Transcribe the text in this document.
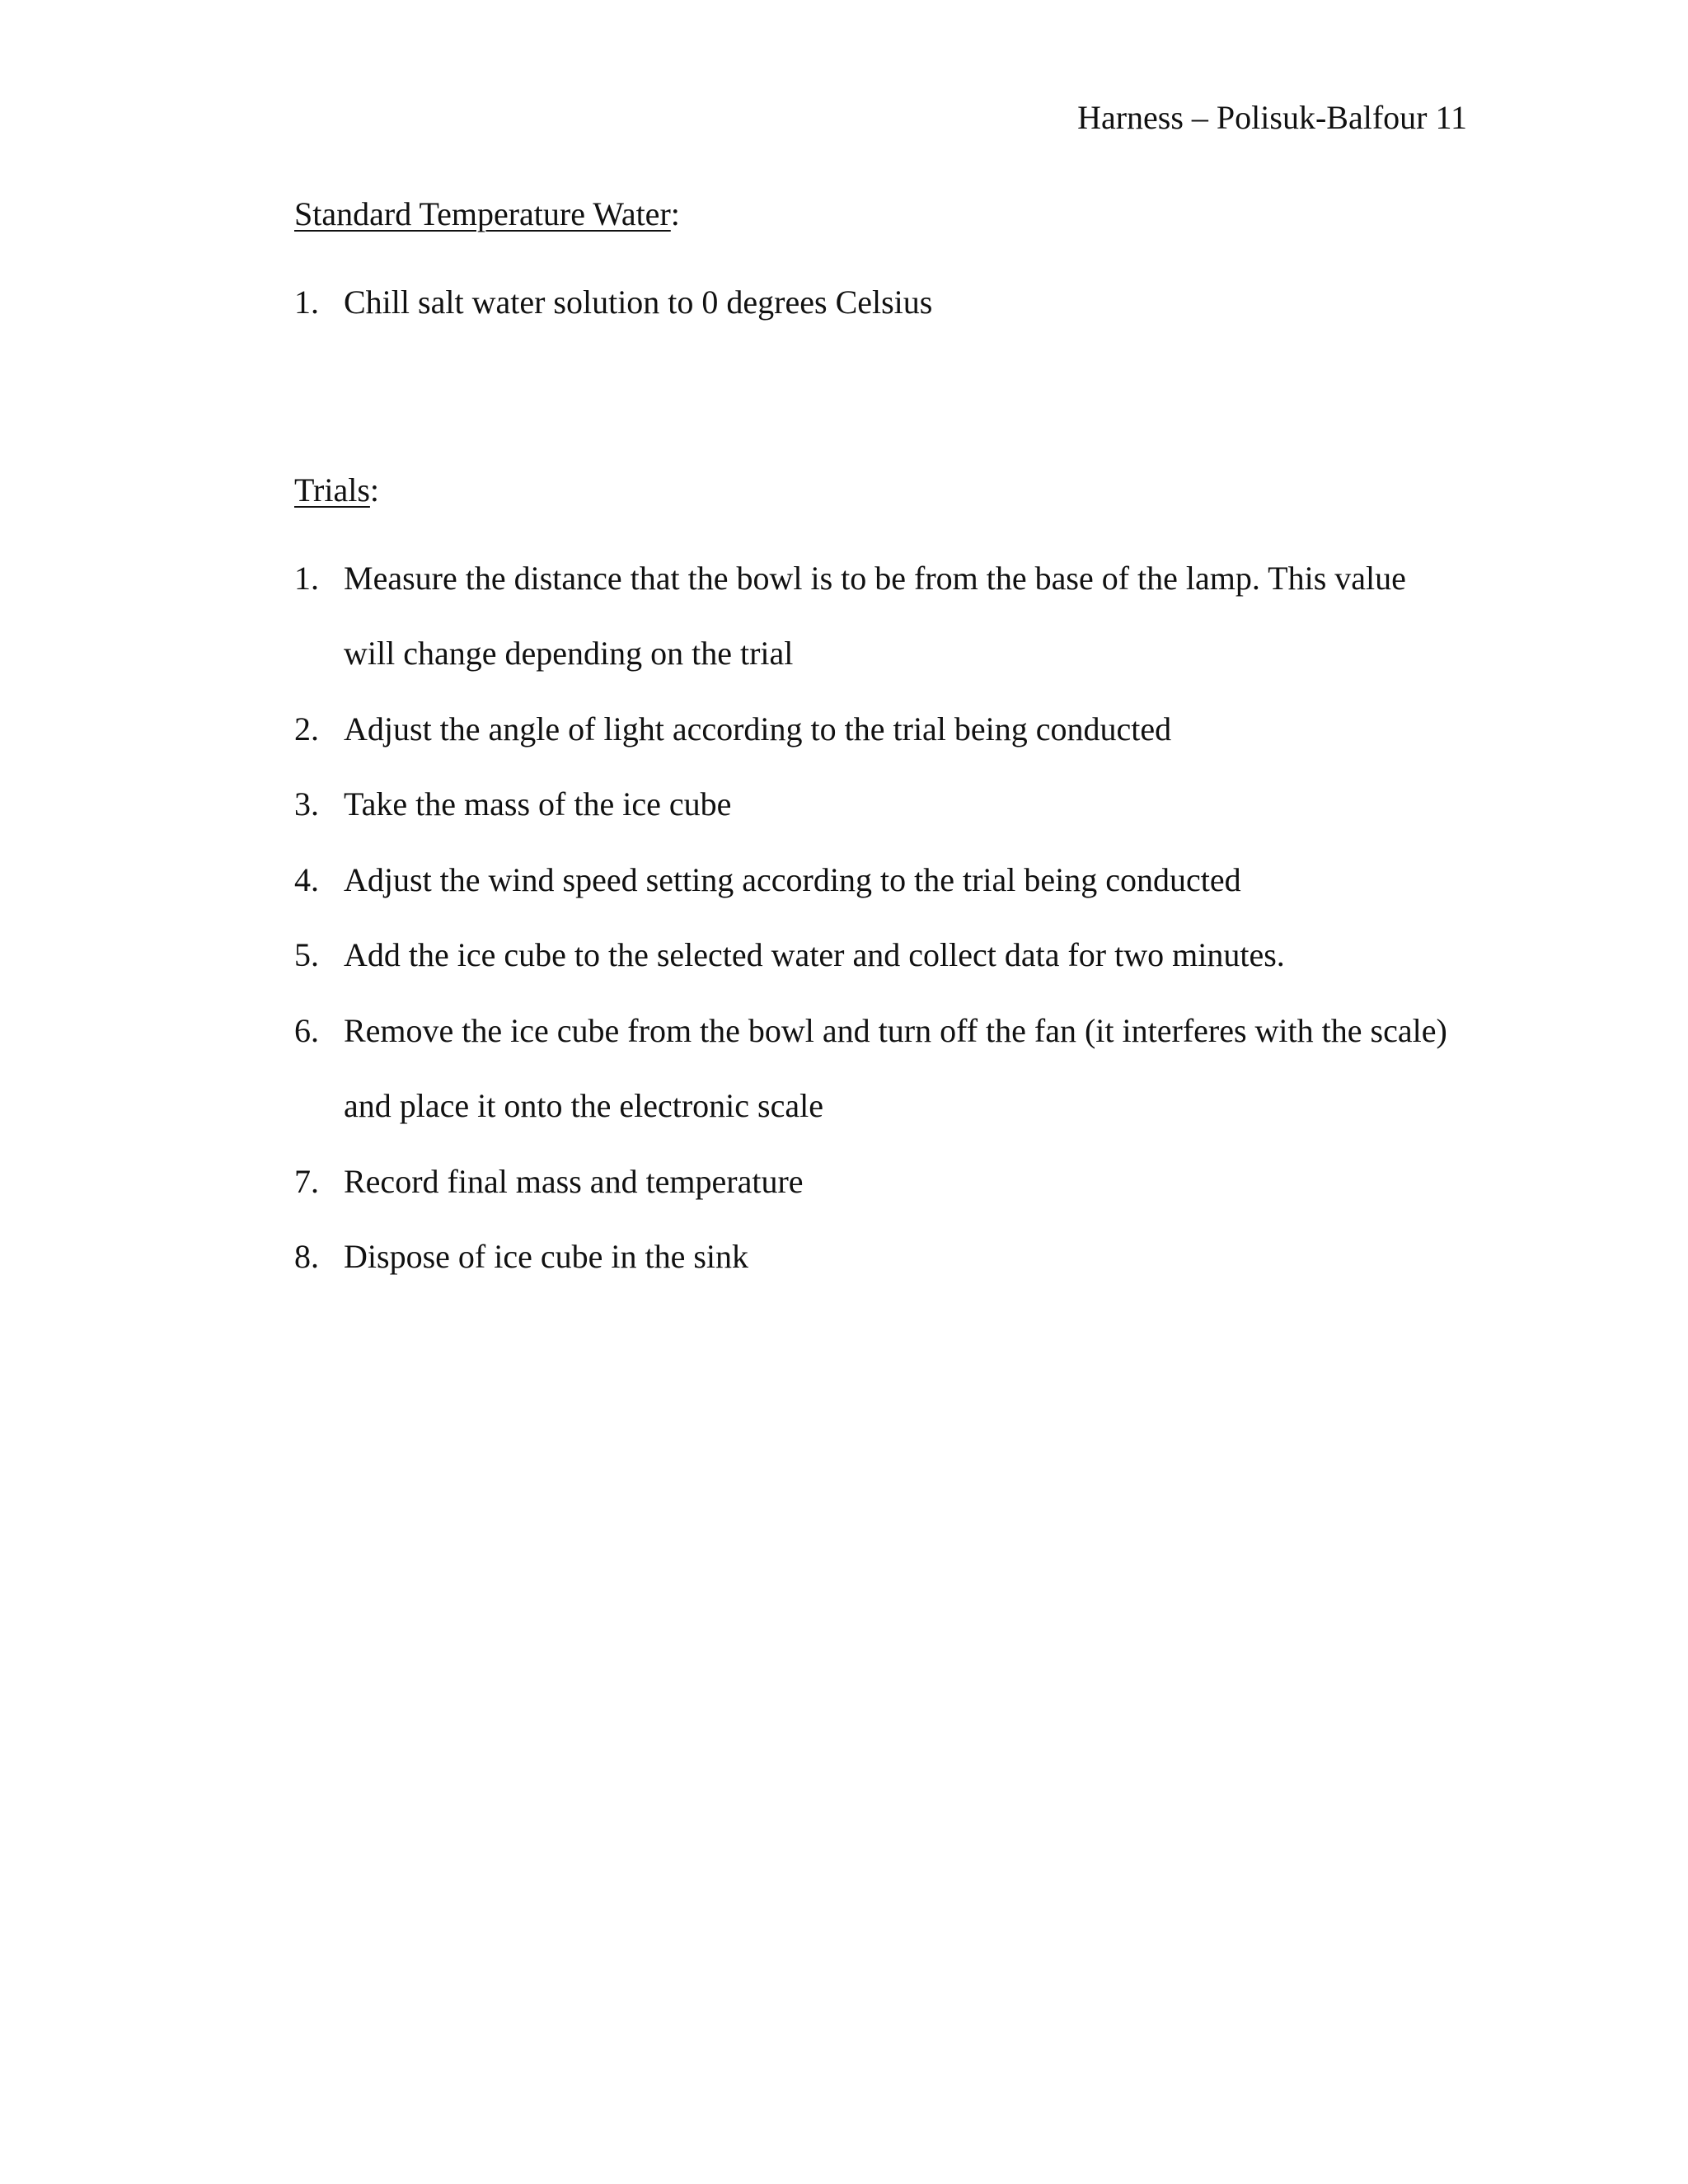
Harness – Polisuk-Balfour 11

Standard Temperature Water:

1. Chill salt water solution to 0 degrees Celsius

Trials:

1. Measure the distance that the bowl is to be from the base of the lamp. This value will change depending on the trial
2. Adjust the angle of light according to the trial being conducted
3. Take the mass of the ice cube
4. Adjust the wind speed setting according to the trial being conducted
5. Add the ice cube to the selected water and collect data for two minutes.
6. Remove the ice cube from the bowl and turn off the fan (it interferes with the scale) and place it onto the electronic scale
7. Record final mass and temperature
8. Dispose of ice cube in the sink
